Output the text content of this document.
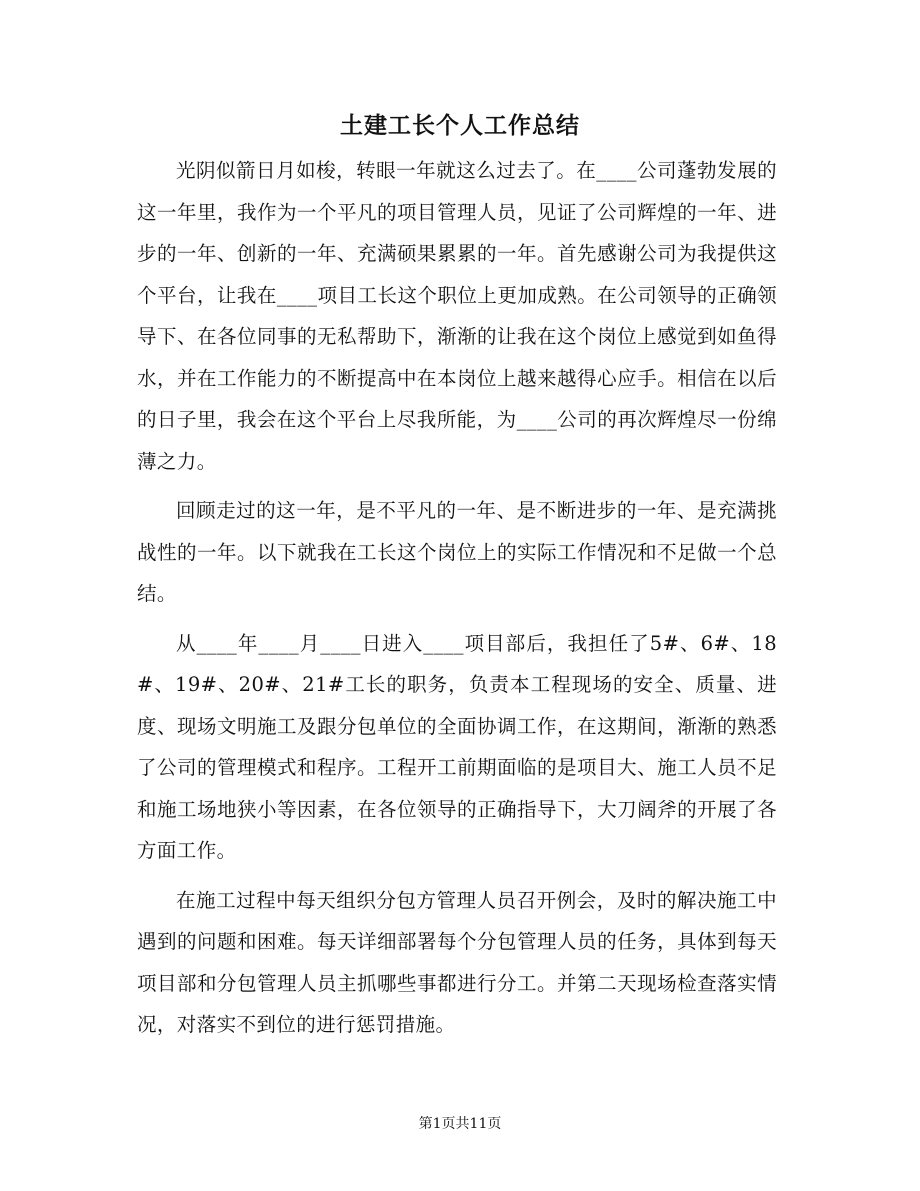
土建工长个人工作总结

光阴似箭日月如梭，转眼一年就这么过去了。在____公司蓬勃发展的这一年里，我作为一个平凡的项目管理人员，见证了公司辉煌的一年、进步的一年、创新的一年、充满硕果累累的一年。首先感谢公司为我提供这个平台，让我在____项目工长这个职位上更加成熟。在公司领导的正确领导下、在各位同事的无私帮助下，渐渐的让我在这个岗位上感觉到如鱼得水，并在工作能力的不断提高中在本岗位上越来越得心应手。相信在以后的日子里，我会在这个平台上尽我所能，为____公司的再次辉煌尽一份绵薄之力。

回顾走过的这一年，是不平凡的一年、是不断进步的一年、是充满挑战性的一年。以下就我在工长这个岗位上的实际工作情况和不足做一个总结。

从____年____月____日进入____项目部后，我担任了5#、6#、18#、19#、20#、21#工长的职务，负责本工程现场的安全、质量、进度、现场文明施工及跟分包单位的全面协调工作，在这期间，渐渐的熟悉了公司的管理模式和程序。工程开工前期面临的是项目大、施工人员不足和施工场地狭小等因素，在各位领导的正确指导下，大刀阔斧的开展了各方面工作。

在施工过程中每天组织分包方管理人员召开例会，及时的解决施工中遇到的问题和困难。每天详细部署每个分包管理人员的任务，具体到每天项目部和分包管理人员主抓哪些事都进行分工。并第二天现场检查落实情况，对落实不到位的进行惩罚措施。

第1页共11页
